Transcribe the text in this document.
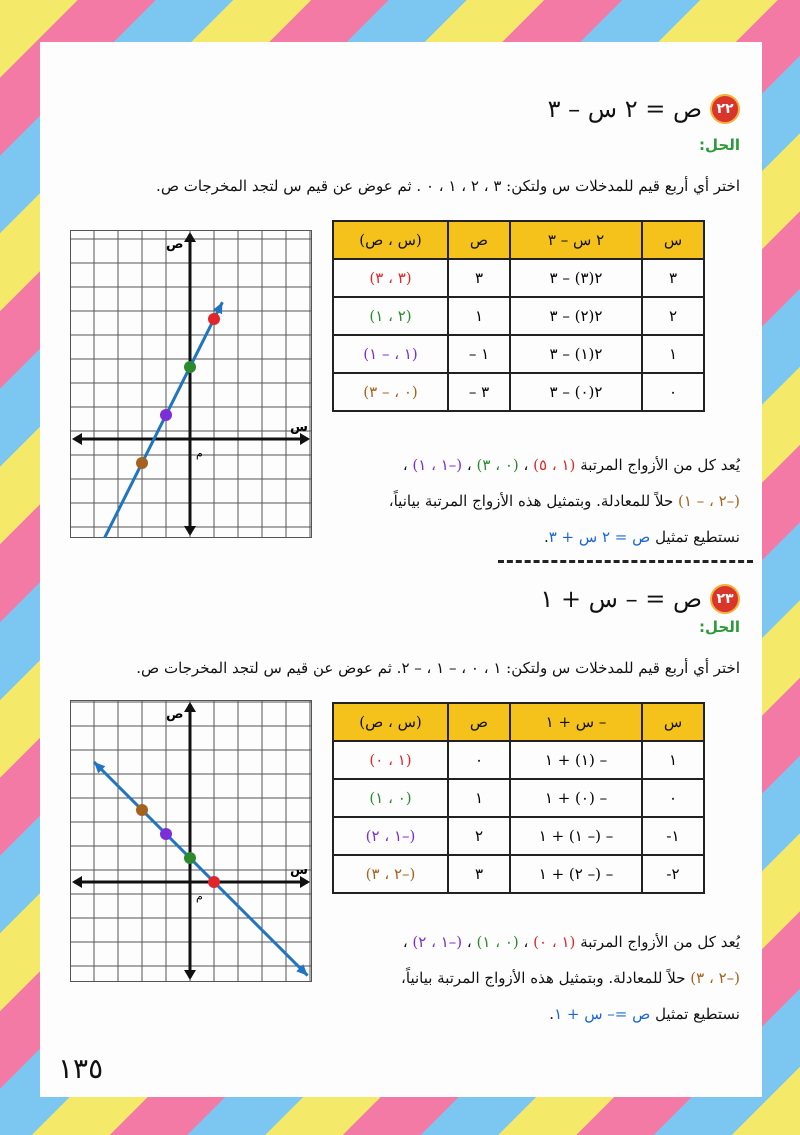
٢٢
ص = ٢ س – ٣
الحل:
اختر أي أربع قيم للمدخلات س ولتكن: ٣ ، ٢ ، ١ ، ٠ . ثم عوض عن قيم س لتجد المخرجات ص.
س	٢ س – ٣	ص	(س ، ص)
٣	٢(٣) – ٣	٣	(٣ ، ٣)
٢	٢(٢) – ٣	١	(٢ ، ١)
١	٢(١) – ٣	١ –	(١ ، – ١)
٠	٢(٠) – ٣	٣ –	(٠ ، – ٣)
س
ص
م
يُعد كل من الأزواج المرتبة (١ ، ٥) ، (٠ ، ٣) ، (–١ ، ١) ،
(–٢ ، – ١) حلاً للمعادلة. وبتمثيل هذه الأزواج المرتبة بيانياً،
نستطيع تمثيل ص = ٢ س + ٣.
٢٣
ص = – س + ١
الحل:
اختر أي أربع قيم للمدخلات س ولتكن: ١ ، ٠ ، – ١ ، – ٢. ثم عوض عن قيم س لتجد المخرجات ص.
س	– س + ١	ص	(س ، ص)
١	– (١) + ١	٠	(١ ، ٠)
٠	– (٠) + ١	١	(٠ ، ١)
١-	– (– ١) + ١	٢	(–١ ، ٢)
٢-	– (– ٢) + ١	٣	(–٢ ، ٣)
س
ص
م
يُعد كل من الأزواج المرتبة (١ ، ٠) ، (٠ ، ١) ، (–١ ، ٢) ،
(–٢ ، ٣) حلاً للمعادلة. وبتمثيل هذه الأزواج المرتبة بيانياً،
نستطيع تمثيل ص =– س + ١.
١٣٥
